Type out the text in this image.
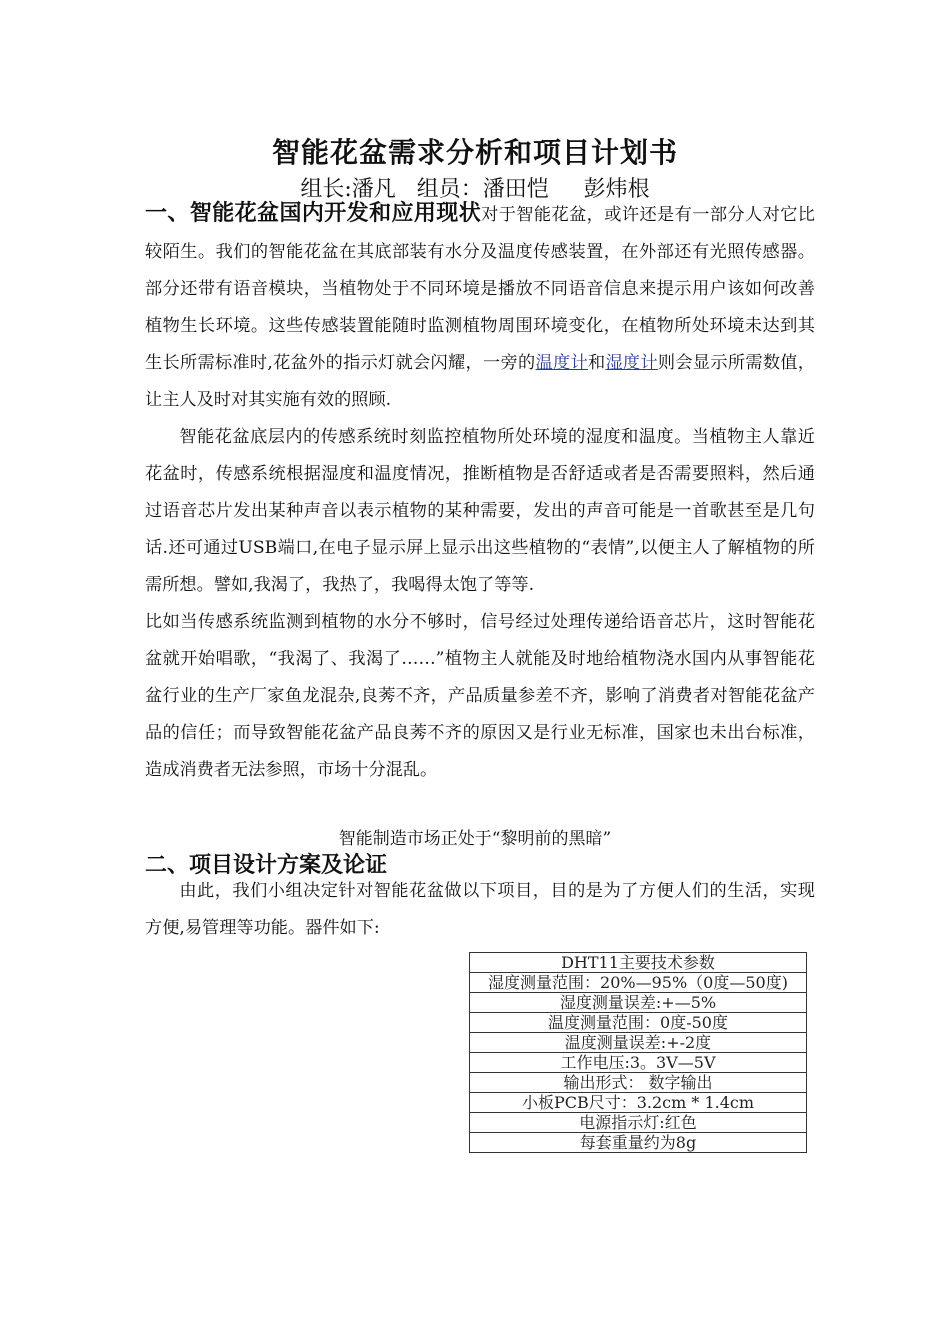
智能花盆需求分析和项目计划书
组长:潘凡   组员：潘田恺     彭炜根
一、智能花盆国内开发和应用现状对于智能花盆，或许还是有一部分人对它比较陌生。我们的智能花盆在其底部装有水分及温度传感装置，在外部还有光照传感器。部分还带有语音模块，当植物处于不同环境是播放不同语音信息来提示用户该如何改善植物生长环境。这些传感装置能随时监测植物周围环境变化，在植物所处环境未达到其生长所需标准时,花盆外的指示灯就会闪耀，一旁的温度计和湿度计则会显示所需数值，让主人及时对其实施有效的照顾.
智能花盆底层内的传感系统时刻监控植物所处环境的湿度和温度。当植物主人靠近花盆时，传感系统根据湿度和温度情况，推断植物是否舒适或者是否需要照料，然后通过语音芯片发出某种声音以表示植物的某种需要，发出的声音可能是一首歌甚至是几句话.还可通过USB端口,在电子显示屏上显示出这些植物的“表情”,以便主人了解植物的所需所想。譬如,我渴了，我热了，我喝得太饱了等等.
比如当传感系统监测到植物的水分不够时，信号经过处理传递给语音芯片，这时智能花盆就开始唱歌，“我渴了、我渴了……”植物主人就能及时地给植物浇水国内从事智能花盆行业的生产厂家鱼龙混杂,良莠不齐，产品质量参差不齐，影响了消费者对智能花盆产品的信任；而导致智能花盆产品良莠不齐的原因又是行业无标准，国家也未出台标准，造成消费者无法参照，市场十分混乱。
智能制造市场正处于“黎明前的黑暗”
二、项目设计方案及论证
由此，我们小组决定针对智能花盆做以下项目，目的是为了方便人们的生活，实现方便,易管理等功能。器件如下:
DHT11主要技术参数
湿度测量范围：20%—95%（0度—50度)
湿度测量误差:+—5%
温度测量范围：0度-50度
温度测量误差:+-2度
工作电压:3。3V—5V
输出形式： 数字输出
小板PCB尺寸：3.2cm * 1.4cm
电源指示灯:红色
每套重量约为8g
